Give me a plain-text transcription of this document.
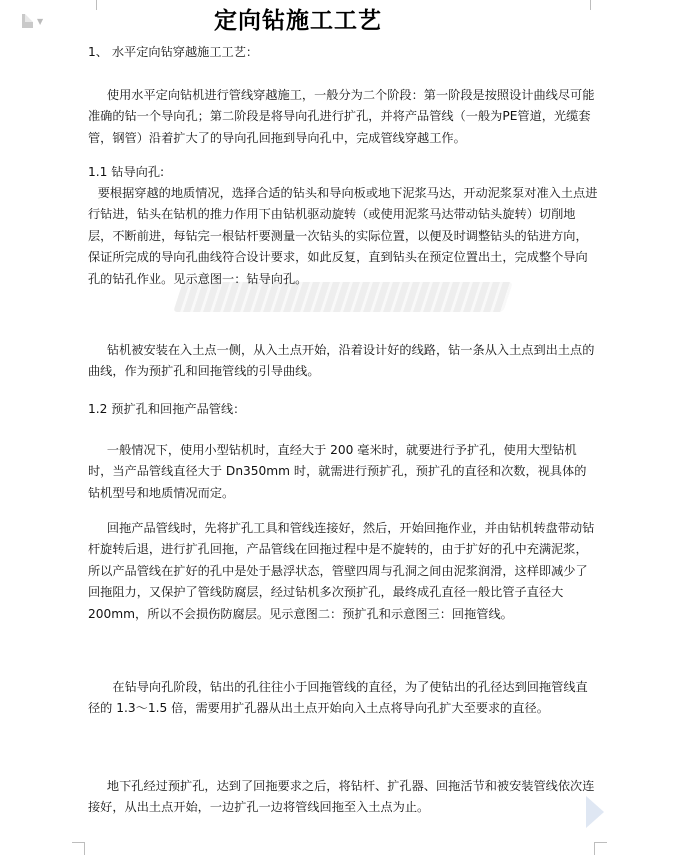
▼	定向钻施工工艺

1、 水平定向钻穿越施工工艺：

使用水平定向钻机进行管线穿越施工，一般分为二个阶段：第一阶段是按照设计曲线尽可能准确的钻一个导向孔；第二阶段是将导向孔进行扩孔，并将产品管线（一般为PE管道，光缆套管，钢管）沿着扩大了的导向孔回拖到导向孔中，完成管线穿越工作。

1.1 钻导向孔:

要根据穿越的地质情况，选择合适的钻头和导向板或地下泥浆马达，开动泥浆泵对准入土点进行钻进，钻头在钻机的推力作用下由钻机驱动旋转（或使用泥浆马达带动钻头旋转）切削地层，不断前进，每钻完一根钻杆要测量一次钻头的实际位置，以便及时调整钻头的钻进方向，保证所完成的导向孔曲线符合设计要求，如此反复，直到钻头在预定位置出土，完成整个导向孔的钻孔作业。见示意图一：钻导向孔。

钻机被安装在入土点一侧，从入土点开始，沿着设计好的线路，钻一条从入土点到出土点的曲线，作为预扩孔和回拖管线的引导曲线。

1.2 预扩孔和回拖产品管线：

一般情况下，使用小型钻机时，直经大于 200 毫米时，就要进行予扩孔，使用大型钻机时，当产品管线直径大于 Dn350mm 时，就需进行预扩孔，预扩孔的直径和次数，视具体的钻机型号和地质情况而定。

回拖产品管线时，先将扩孔工具和管线连接好，然后，开始回拖作业，并由钻机转盘带动钻杆旋转后退，进行扩孔回拖，产品管线在回拖过程中是不旋转的，由于扩好的孔中充满泥浆，所以产品管线在扩好的孔中是处于悬浮状态，管壁四周与孔洞之间由泥浆润滑，这样即减少了回拖阻力，又保护了管线防腐层，经过钻机多次预扩孔，最终成孔直径一般比管子直径大 200mm，所以不会损伤防腐层。见示意图二：预扩孔和示意图三：回拖管线。

在钻导向孔阶段，钻出的孔往往小于回拖管线的直径，为了使钻出的孔径达到回拖管线直径的 1.3～1.5 倍，需要用扩孔器从出土点开始向入土点将导向孔扩大至要求的直径。

地下孔经过预扩孔，达到了回拖要求之后，将钻杆、扩孔器、回拖活节和被安装管线依次连接好，从出土点开始，一边扩孔一边将管线回拖至入土点为止。
